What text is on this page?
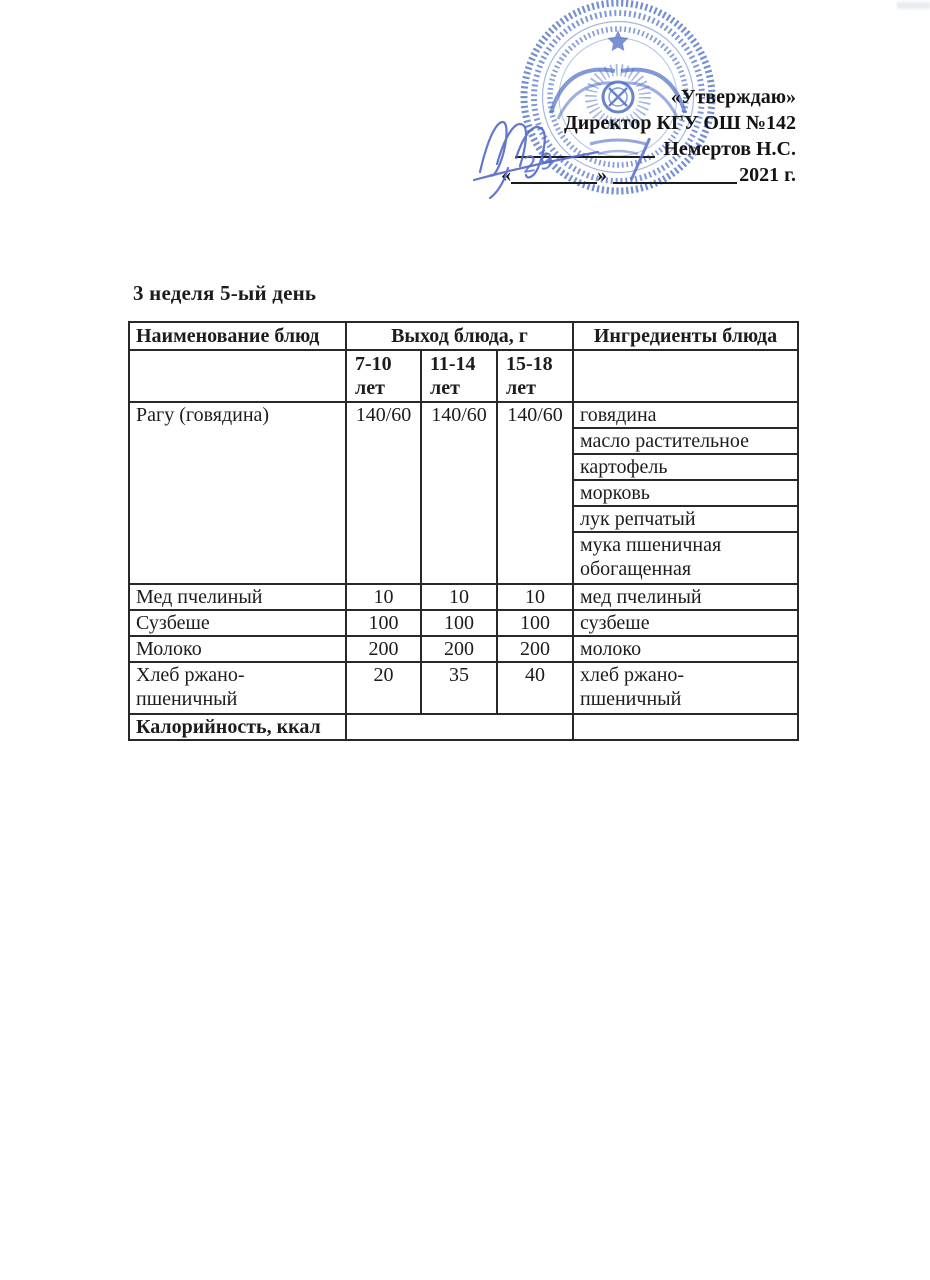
«Утверждаю»
Директор КГУ ОШ №142
Немертов Н.С.
« 29 »	2021 г.
3 неделя 5-ый день
Наименование блюд	Выход блюда, г			Ингредиенты блюда
	7-10 лет	11-14 лет	15-18 лет	
Рагу (говядина)	140/60	140/60	140/60	говядина
				масло растительное
				картофель
				морковь
				лук репчатый
				мука пшеничная обогащенная
Мед пчелиный	10	10	10	мед пчелиный
Сузбеше	100	100	100	сузбеше
Молоко	200	200	200	молоко
Хлеб ржано-пшеничный	20	35	40	хлеб ржано-пшеничный
Калорийность, ккал				
